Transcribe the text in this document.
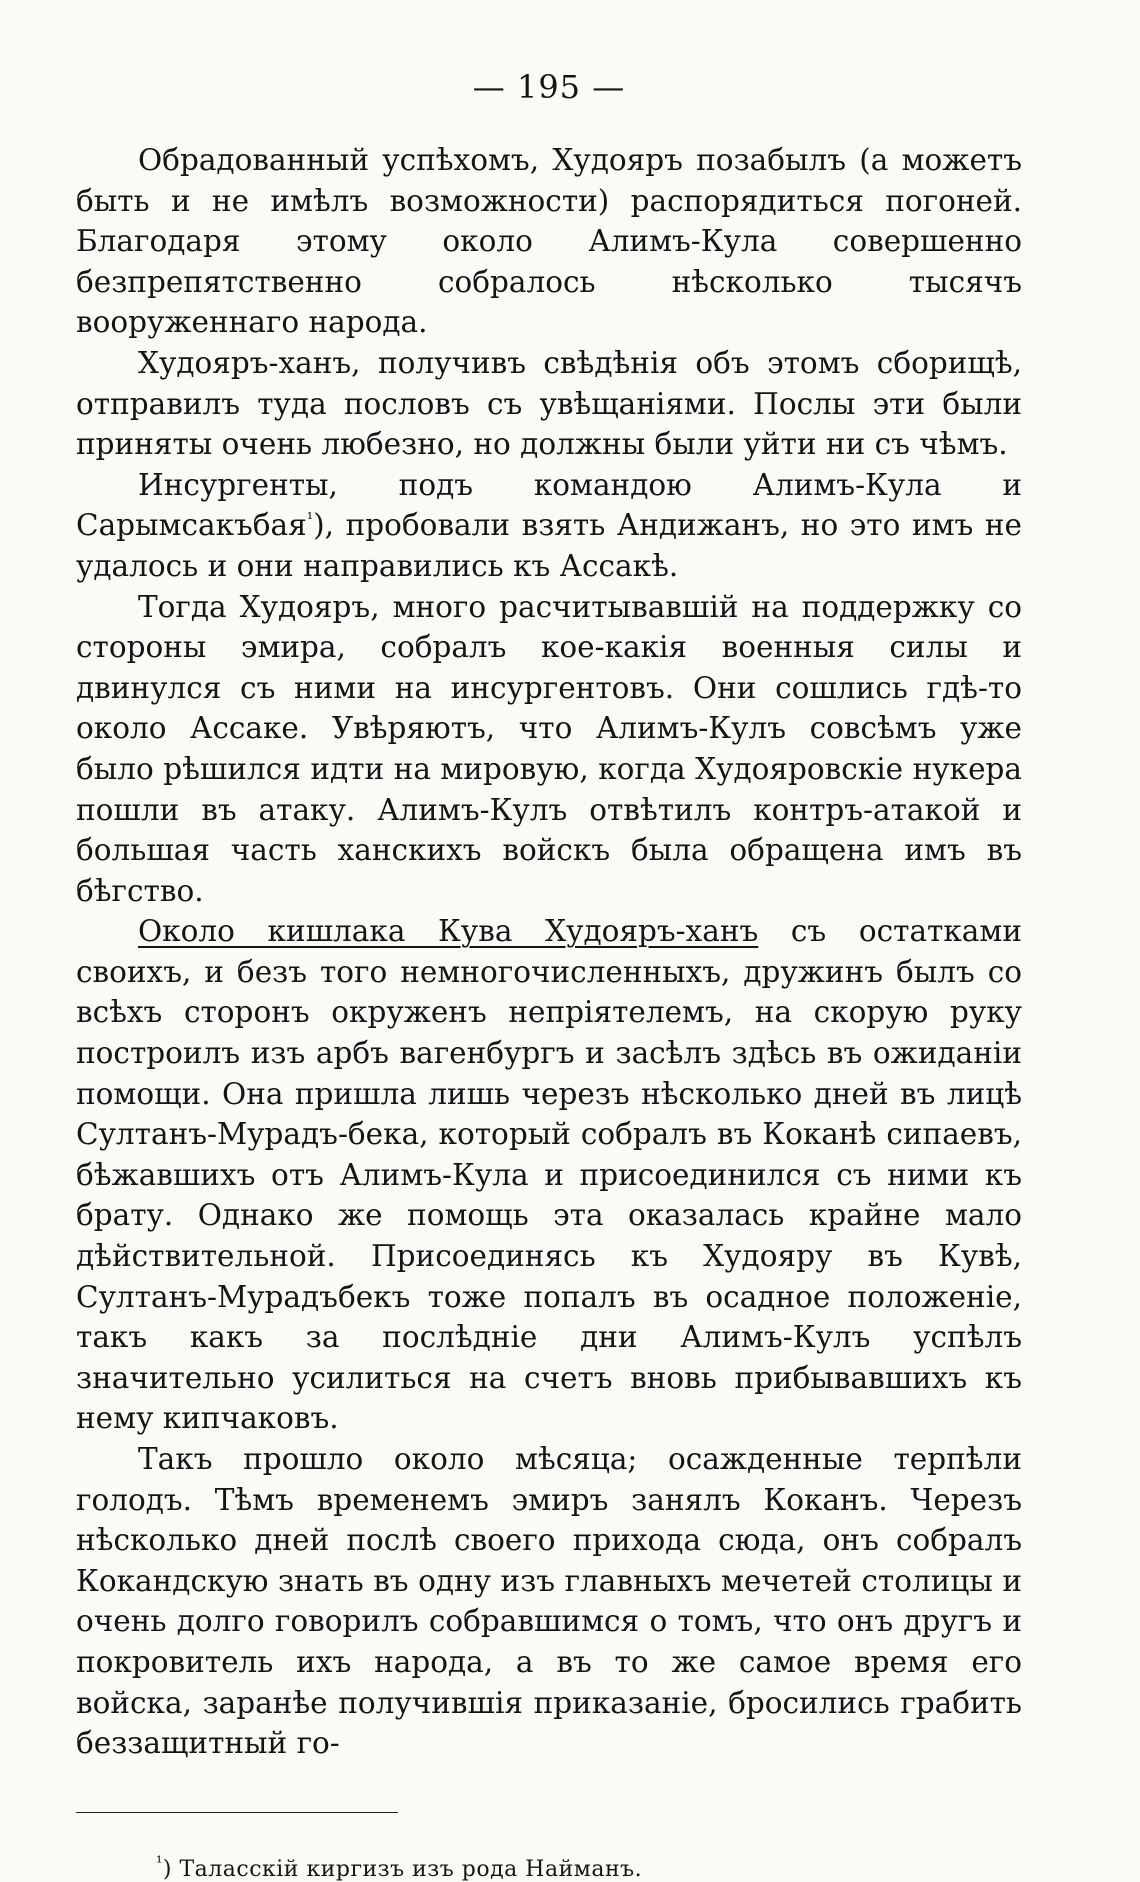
— 195 —

Обрадованный успѣхомъ, Худояръ позабылъ (а можетъ быть и не имѣлъ возможности) распорядиться погоней. Благодаря этому около Алимъ-Кула совершенно безпрепятственно собралось нѣсколько тысячъ вооруженнаго народа.

Худояръ-ханъ, получивъ свѣдѣнія объ этомъ сборищѣ, отправилъ туда пословъ съ увѣщаніями. Послы эти были приняты очень любезно, но должны были уйти ни съ чѣмъ.

Инсургенты, подъ командою Алимъ-Кула и Сарымсакъбая$^{^1}$), пробовали взять Андижанъ, но это имъ не удалось и они направились къ Ассакѣ.

Тогда Худояръ, много расчитывавшій на поддержку со стороны эмира, собралъ кое-какія военныя силы и двинулся съ ними на инсургентовъ. Они сошлись гдѣ-то около Ассаке. Увѣряютъ, что Алимъ-Кулъ совсѣмъ уже было рѣшился идти на мировую, когда Худояровскіе нукера пошли въ атаку. Алимъ-Кулъ отвѣтилъ контръ-атакой и большая часть ханскихъ войскъ была обращена имъ въ бѣгство.

Около кишлака Кува Худояръ-ханъ съ остатками своихъ, и безъ того немногочисленныхъ, дружинъ былъ со всѣхъ сторонъ окруженъ непріятелемъ, на скорую руку построилъ изъ арбъ вагенбургъ и засѣлъ здѣсь въ ожиданіи помощи. Она пришла лишь черезъ нѣсколько дней въ лицѣ Султанъ-Мурадъ-бека, который собралъ въ Коканѣ сипаевъ, бѣжавшихъ отъ Алимъ-Кула и присоединился съ ними къ брату. Однако же помощь эта оказалась крайне мало дѣйствительной. Присоединясь къ Худояру въ Кувѣ, Султанъ-Мурадъбекъ тоже попалъ въ осадное положеніе, такъ какъ за послѣдніе дни Алимъ-Кулъ успѣлъ значительно усилиться на счетъ вновь прибывавшихъ къ нему кипчаковъ.

Такъ прошло около мѣсяца; осажденные терпѣли голодъ. Тѣмъ временемъ эмиръ занялъ Коканъ. Черезъ нѣсколько дней послѣ своего прихода сюда, онъ собралъ Кокандскую знать въ одну изъ главныхъ мечетей столицы и очень долго говорилъ собравшимся о томъ, что онъ другъ и покровитель ихъ народа, а въ то же самое время его войска, заранѣе получившія приказаніе, бросились грабить беззащитный го-

$^{^1}$) Таласскій киргизъ изъ рода Найманъ.
